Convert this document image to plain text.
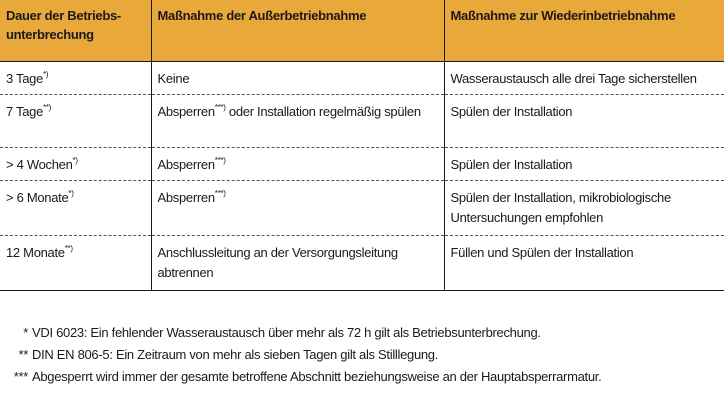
Dauer der Betriebs-
unterbrechung	Maßnahme der Außerbetriebnahme	Maßnahme zur Wiederinbetriebnahme
3 Tage*)	Keine	Wasseraustausch alle drei Tage sicherstellen
7 Tage**)	Absperren***) oder Installation regelmäßig spülen	Spülen der Installation
> 4 Wochen*)	Absperren***)	Spülen der Installation
> 6 Monate*)	Absperren***)	Spülen der Installation, mikrobiologische Untersuchungen empfohlen
12 Monate**)	Anschlussleitung an der Versorgungsleitung abtrennen	Füllen und Spülen der Installation
* VDI 6023: Ein fehlender Wasseraustausch über mehr als 72 h gilt als Betriebsunterbrechung.
** DIN EN 806-5: Ein Zeitraum von mehr als sieben Tagen gilt als Stilllegung.
*** Abgesperrt wird immer der gesamte betroffene Abschnitt beziehungsweise an der Hauptabsperrarmatur.
